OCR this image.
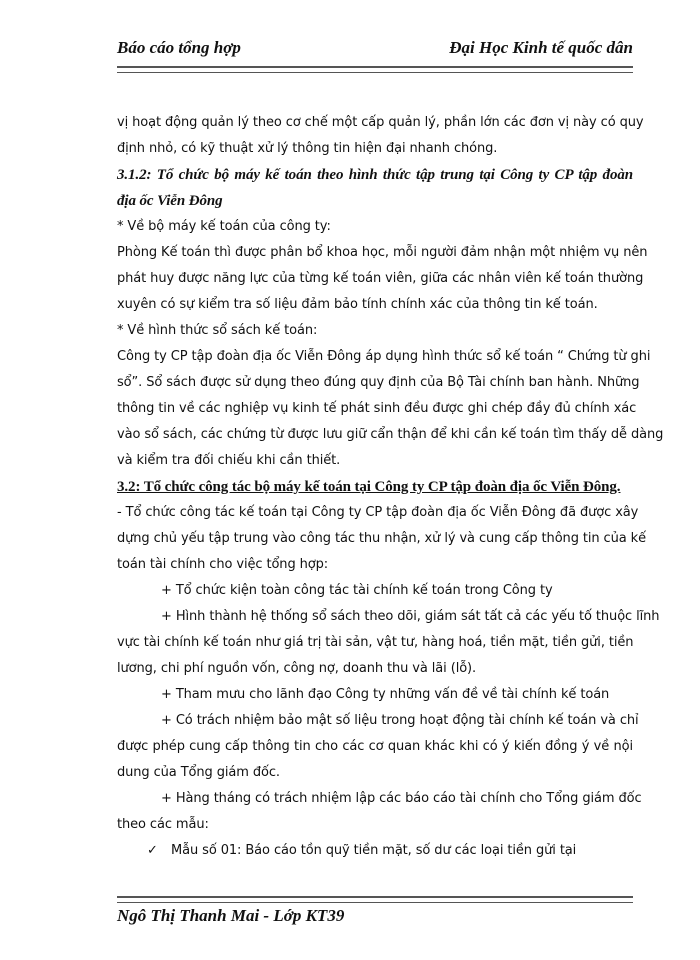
Báo cáo tổng hợp	Đại Học Kinh tế quốc dân
vị hoạt động quản lý theo cơ chế một cấp quản lý, phần lớn các đơn vị này có quy
định nhỏ, có kỹ thuật xử lý thông tin hiện đại nhanh chóng.
3.1.2: Tổ chức bộ máy kế toán theo hình thức tập trung tại Công ty CP tập đoàn
địa ốc Viễn Đông
* Về bộ máy kế toán của công ty:
Phòng Kế toán thì được phân bổ khoa học, mỗi người đảm nhận một nhiệm vụ nên
phát huy được năng lực của từng kế toán viên, giữa các nhân viên kế toán thường
xuyên có sự kiểm tra số liệu đảm bảo tính chính xác của thông tin kế toán.
* Về hình thức sổ sách kế toán:
Công ty CP tập đoàn địa ốc Viễn Đông áp dụng hình thức sổ kế toán “ Chứng từ ghi
sổ”. Sổ sách được sử dụng theo đúng quy định của Bộ Tài chính ban hành. Những
thông tin về các nghiệp vụ kinh tế phát sinh đều được ghi chép đầy đủ chính xác
vào sổ sách, các chứng từ được lưu giữ cẩn thận để khi cần kế toán tìm thấy dễ dàng
và kiểm tra đối chiếu khi cần thiết.
3.2: Tổ chức công tác bộ máy kế toán tại Công ty CP tập đoàn địa ốc Viễn Đông.
- Tổ chức công tác kế toán tại Công ty CP tập đoàn địa ốc Viễn Đông đã được xây
dựng chủ yếu tập trung vào công tác thu nhận, xử lý và cung cấp thông tin của kế
toán tài chính cho việc tổng hợp:
+ Tổ chức kiện toàn công tác tài chính kế toán trong Công ty
+ Hình thành hệ thống sổ sách theo dõi, giám sát tất cả các yếu tố thuộc lĩnh
vực tài chính kế toán như giá trị tài sản, vật tư, hàng hoá, tiền mặt, tiền gửi, tiền
lương, chi phí nguồn vốn, công nợ, doanh thu và lãi (lỗ).
+ Tham mưu cho lãnh đạo Công ty những vấn đề về tài chính kế toán
+ Có trách nhiệm bảo mật số liệu trong hoạt động tài chính kế toán và chỉ
được phép cung cấp thông tin cho các cơ quan khác khi có ý kiến đồng ý về nội
dung của Tổng giám đốc.
+ Hàng tháng có trách nhiệm lập các báo cáo tài chính cho Tổng giám đốc
theo các mẫu:
✓ Mẫu số 01: Báo cáo tồn quỹ tiền mặt, số dư các loại tiền gửi tại
Ngô Thị Thanh Mai - Lớp KT39
